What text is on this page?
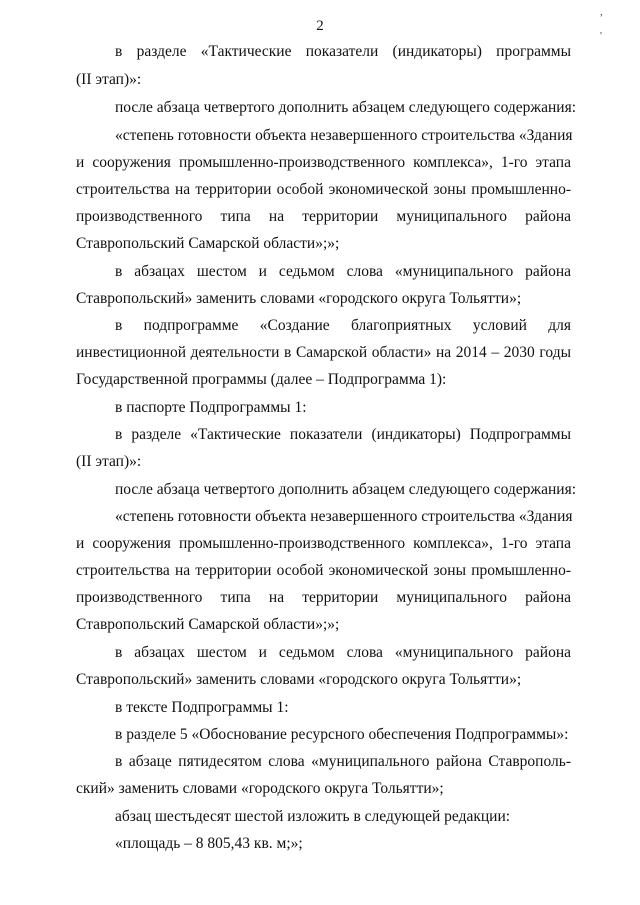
2
,
'
в разделе «Тактические показатели (индикаторы) программы
(II этап)»:
после абзаца четвертого дополнить абзацем следующего содержания:
«степень готовности объекта незавершенного строительства «Здания
и сооружения промышленно-производственного комплекса», 1-го этапа
строительства на территории особой экономической зоны промышленно-
производственного типа на территории муниципального района
Ставропольский Самарской области»;»;
в абзацах шестом и седьмом слова «муниципального района
Ставропольский» заменить словами «городского округа Тольятти»;
в подпрограмме «Создание благоприятных условий для
инвестиционной деятельности в Самарской области» на 2014 – 2030 годы
Государственной программы (далее – Подпрограмма 1):
в паспорте Подпрограммы 1:
в разделе «Тактические показатели (индикаторы) Подпрограммы
(II этап)»:
после абзаца четвертого дополнить абзацем следующего содержания:
«степень готовности объекта незавершенного строительства «Здания
и сооружения промышленно-производственного комплекса», 1-го этапа
строительства на территории особой экономической зоны промышленно-
производственного типа на территории муниципального района
Ставропольский Самарской области»;»;
в абзацах шестом и седьмом слова «муниципального района
Ставропольский» заменить словами «городского округа Тольятти»;
в тексте Подпрограммы 1:
в разделе 5 «Обоснование ресурсного обеспечения Подпрограммы»:
в абзаце пятидесятом слова «муниципального района Ставрополь-
ский» заменить словами «городского округа Тольятти»;
абзац шестьдесят шестой изложить в следующей редакции:
«площадь – 8 805,43 кв. м;»;
